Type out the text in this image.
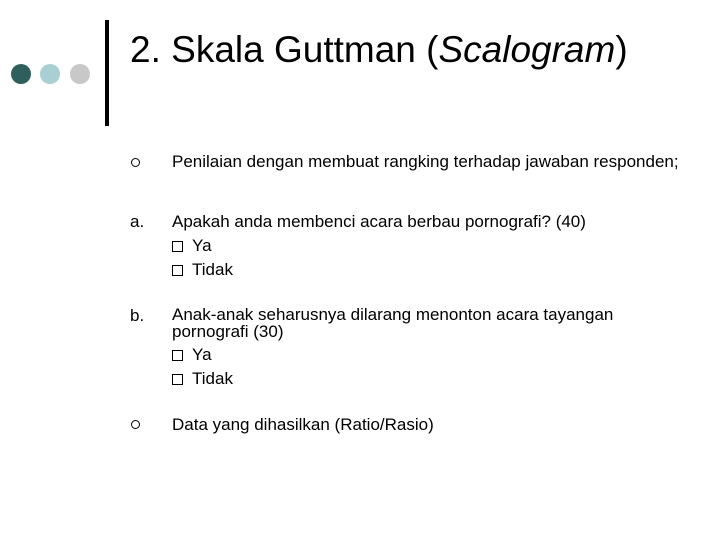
2. Skala Guttman (Scalogram)
Penilaian dengan membuat rangking terhadap jawaban responden;
a. Apakah anda membenci acara berbau pornografi? (40)
Ya
Tidak
b. Anak-anak seharusnya dilarang menonton acara tayangan pornografi (30)
Ya
Tidak
Data yang dihasilkan (Ratio/Rasio)
